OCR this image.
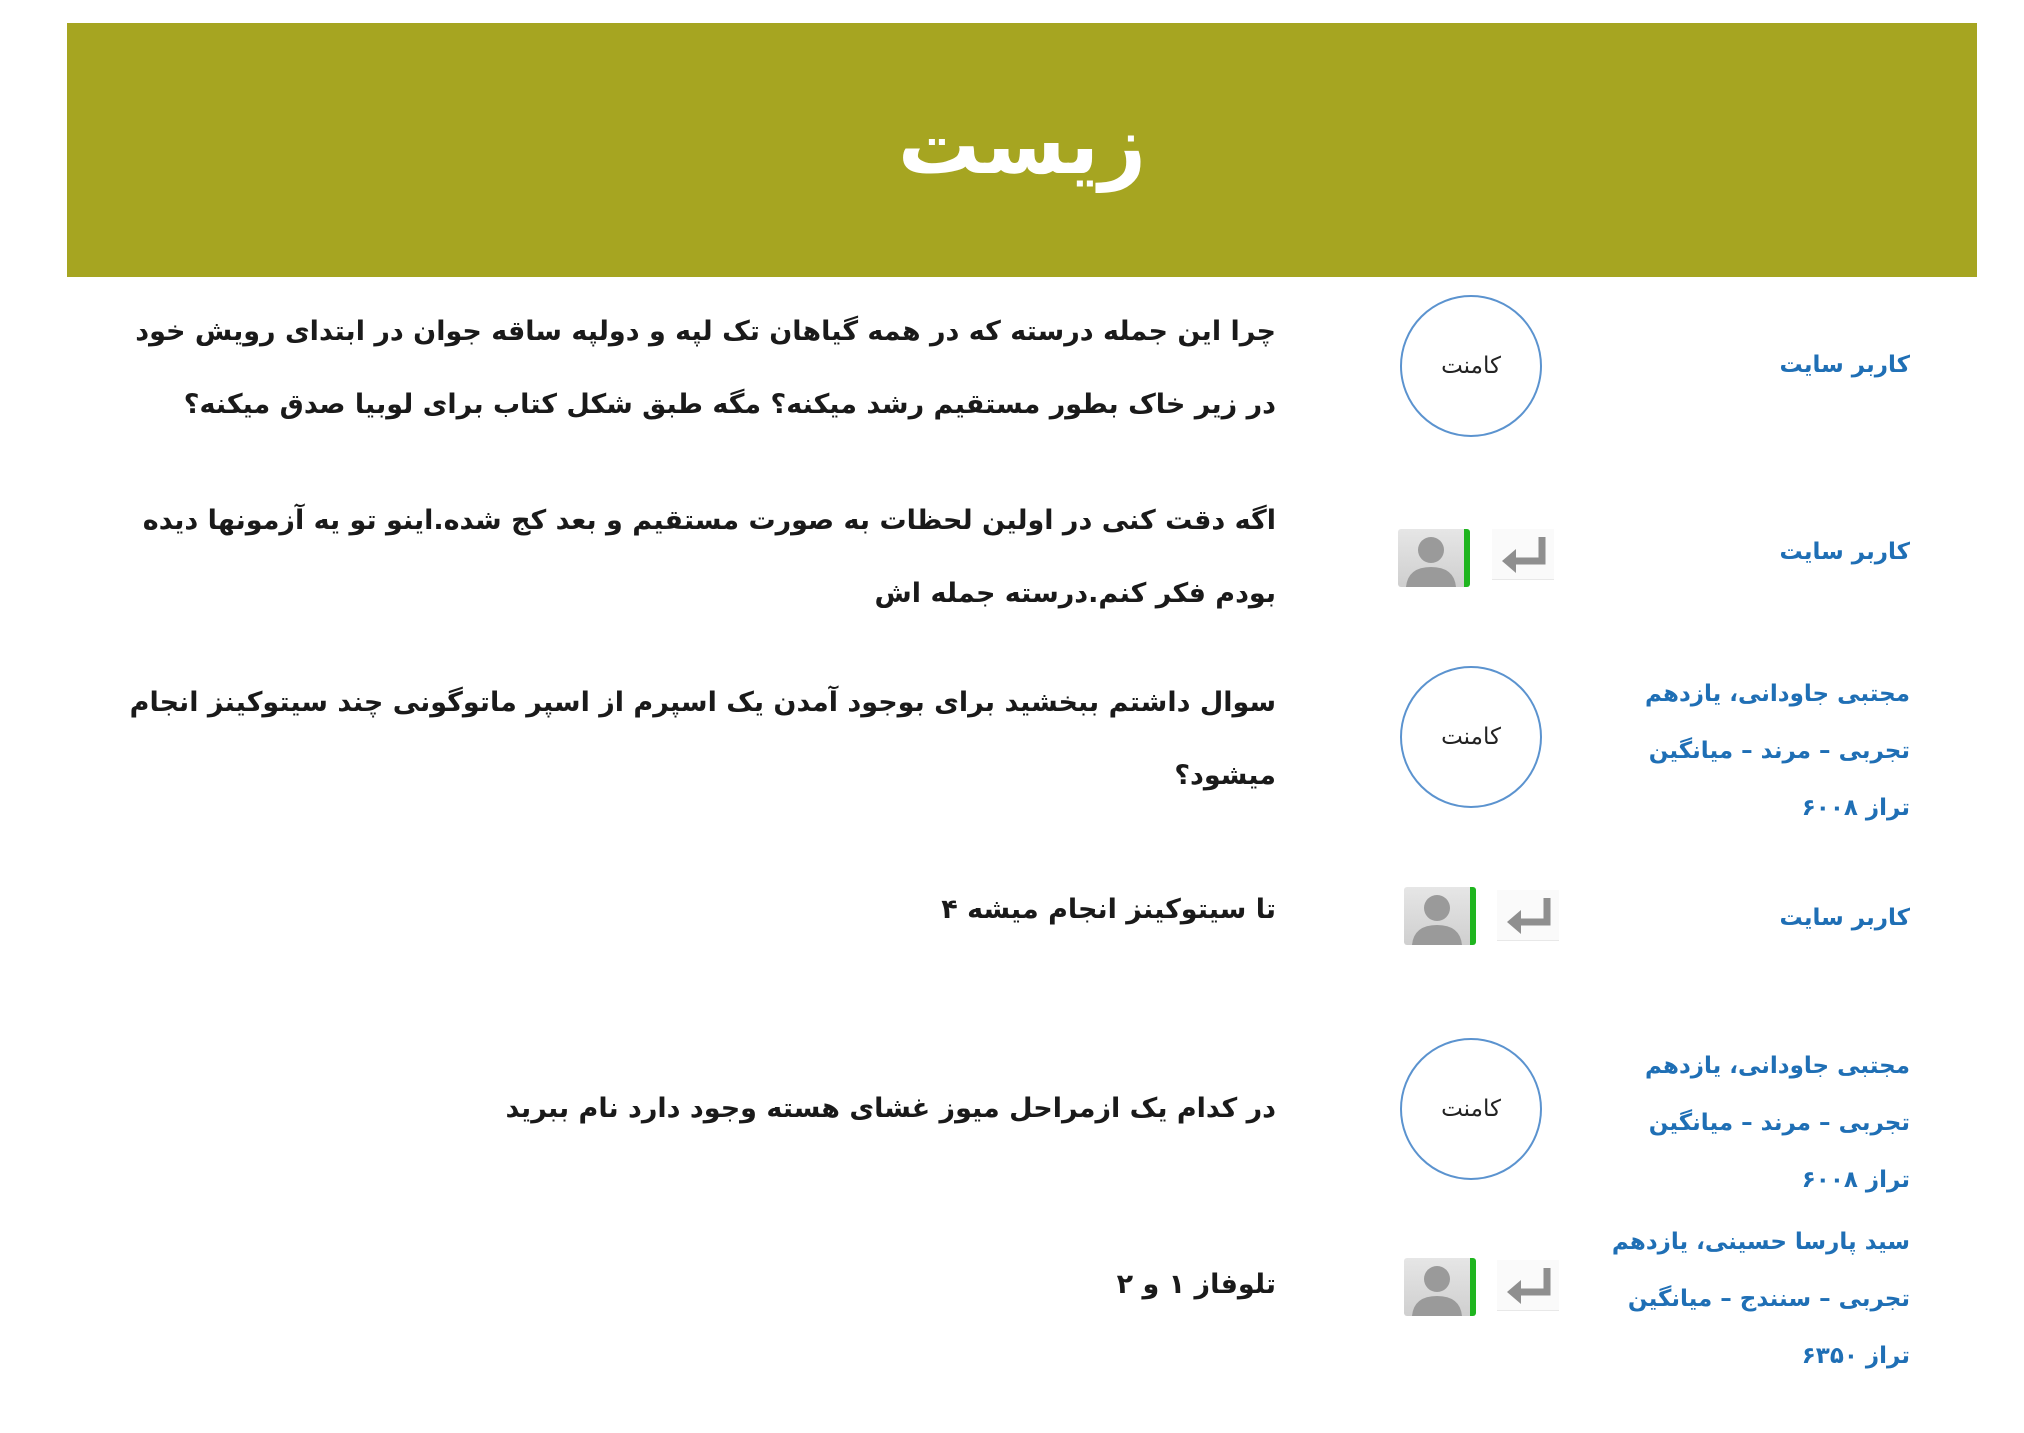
زیست
کاربر سایت
کامنت
چرا این جمله درسته که در همه گیاهان تک لپه و دولپه ساقه جوان در ابتدای رویش خود در زیر خاک بطور مستقیم رشد میکنه؟ مگه طبق شکل کتاب برای لوبیا صدق میکنه؟
کاربر سایت
اگه دقت کنی در اولین لحظات به صورت مستقیم و بعد کج شده.اینو تو یه آزمونها دیده بودم فکر کنم.درسته جمله اش
مجتبی جاودانی، یازدهم
تجربی – مرند – میانگین
تراز ۶۰۰۸
کامنت
سوال داشتم ببخشید برای بوجود آمدن یک اسپرم از اسپر ماتوگونی چند سیتوکینز انجام میشود؟
کاربر سایت
تا سیتوکینز انجام میشه ۴
مجتبی جاودانی، یازدهم
تجربی – مرند – میانگین
تراز ۶۰۰۸
کامنت
در کدام یک ازمراحل میوز غشای هسته وجود دارد نام ببرید
سید پارسا حسینی، یازدهم
تجربی – سنندج – میانگین
تراز ۶۳۵۰
تلوفاز ۱ و ۲
